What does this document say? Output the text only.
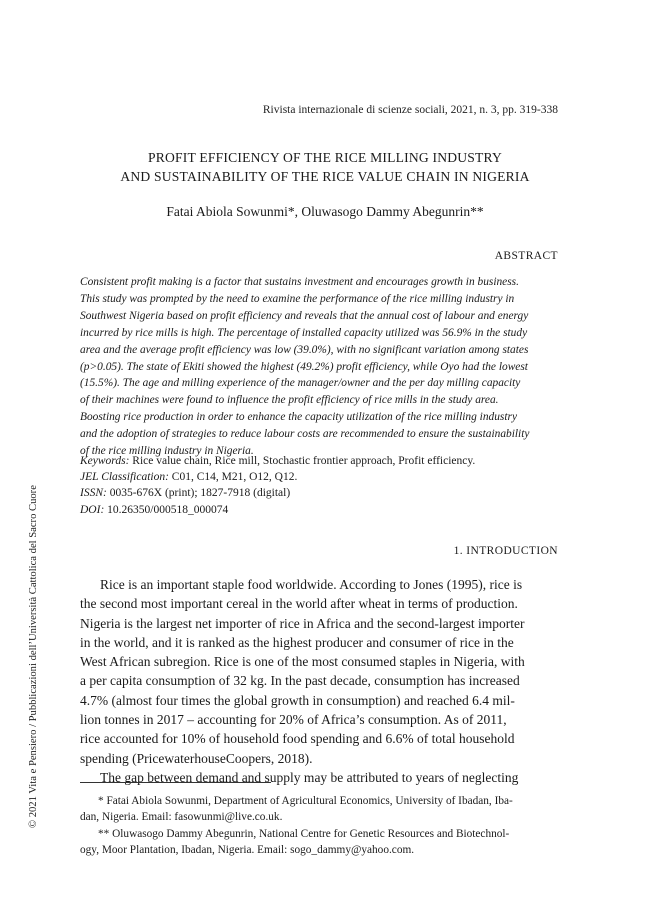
Rivista internazionale di scienze sociali, 2021, n. 3, pp. 319-338
PROFIT EFFICIENCY OF THE RICE MILLING INDUSTRY
AND SUSTAINABILITY OF THE RICE VALUE CHAIN IN NIGERIA
Fatai Abiola Sowunmi*, Oluwasogo Dammy Abegunrin**
ABSTRACT
Consistent profit making is a factor that sustains investment and encourages growth in business.
This study was prompted by the need to examine the performance of the rice milling industry in
Southwest Nigeria based on profit efficiency and reveals that the annual cost of labour and energy
incurred by rice mills is high. The percentage of installed capacity utilized was 56.9% in the study
area and the average profit efficiency was low (39.0%), with no significant variation among states
(p>0.05). The state of Ekiti showed the highest (49.2%) profit efficiency, while Oyo had the lowest
(15.5%). The age and milling experience of the manager/owner and the per day milling capacity
of their machines were found to influence the profit efficiency of rice mills in the study area.
Boosting rice production in order to enhance the capacity utilization of the rice milling industry
and the adoption of strategies to reduce labour costs are recommended to ensure the sustainability
of the rice milling industry in Nigeria.
Keywords: Rice value chain, Rice mill, Stochastic frontier approach, Profit efficiency.
JEL Classification: C01, C14, M21, O12, Q12.
ISSN: 0035-676X (print); 1827-7918 (digital)
DOI: 10.26350/000518_000074
1. INTRODUCTION
Rice is an important staple food worldwide. According to Jones (1995), rice is
the second most important cereal in the world after wheat in terms of production.
Nigeria is the largest net importer of rice in Africa and the second-largest importer
in the world, and it is ranked as the highest producer and consumer of rice in the
West African subregion. Rice is one of the most consumed staples in Nigeria, with
a per capita consumption of 32 kg. In the past decade, consumption has increased
4.7% (almost four times the global growth in consumption) and reached 6.4 mil-
lion tonnes in 2017 – accounting for 20% of Africa’s consumption. As of 2011,
rice accounted for 10% of household food spending and 6.6% of total household
spending (PricewaterhouseCoopers, 2018).
The gap between demand and supply may be attributed to years of neglecting
* Fatai Abiola Sowunmi, Department of Agricultural Economics, University of Ibadan, Iba-
dan, Nigeria. Email: fasowunmi@live.co.uk.
** Oluwasogo Dammy Abegunrin, National Centre for Genetic Resources and Biotechnol-
ogy, Moor Plantation, Ibadan, Nigeria. Email: sogo_dammy@yahoo.com.
© 2021 Vita e Pensiero / Pubblicazioni dell’Università Cattolica del Sacro Cuore
